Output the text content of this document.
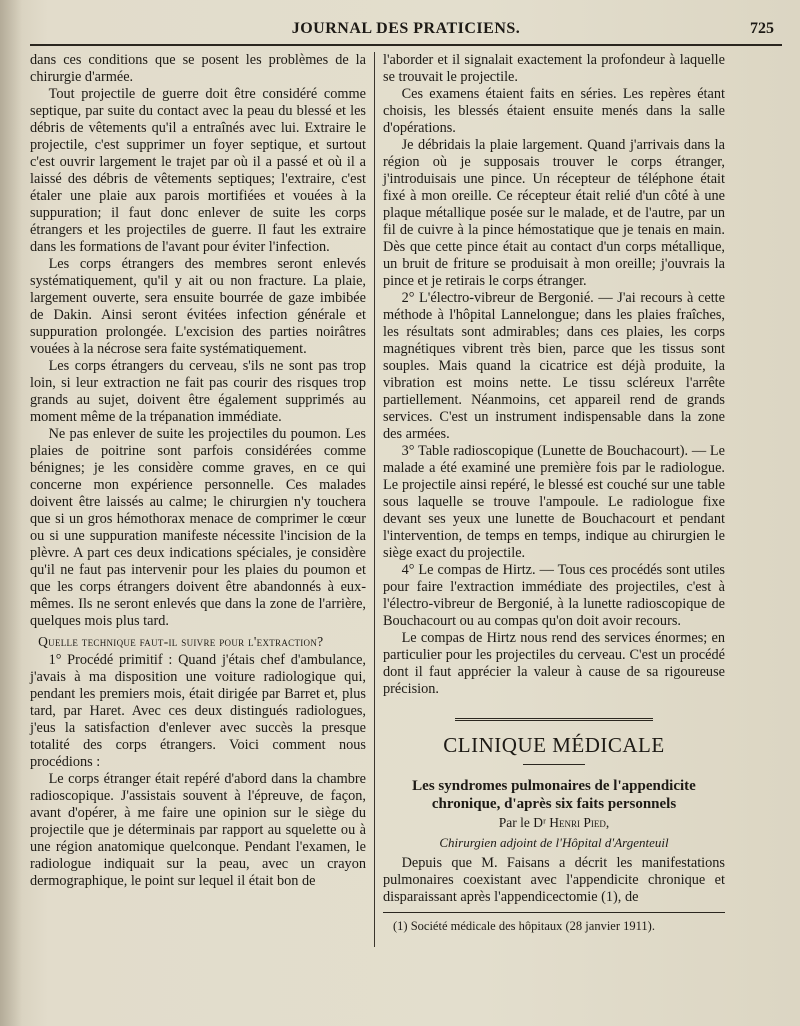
JOURNAL DES PRATICIENS.	725

dans ces conditions que se posent les problèmes de la chirurgie d'armée.

Tout projectile de guerre doit être considéré comme septique, par suite du contact avec la peau du blessé et les débris de vêtements qu'il a entraînés avec lui. Extraire le projectile, c'est supprimer un foyer septique, et surtout c'est ouvrir largement le trajet par où il a passé et où il a laissé des débris de vêtements septiques; l'extraire, c'est étaler une plaie aux parois mortifiées et vouées à la suppuration; il faut donc enlever de suite les corps étrangers et les projectiles de guerre. Il faut les extraire dans les formations de l'avant pour éviter l'infection.

Les corps étrangers des membres seront enlevés systématiquement, qu'il y ait ou non fracture. La plaie, largement ouverte, sera ensuite bourrée de gaze imbibée de Dakin. Ainsi seront évitées infection générale et suppuration prolongée. L'excision des parties noirâtres vouées à la nécrose sera faite systématiquement.

Les corps étrangers du cerveau, s'ils ne sont pas trop loin, si leur extraction ne fait pas courir des risques trop grands au sujet, doivent être également supprimés au moment même de la trépanation immédiate.

Ne pas enlever de suite les projectiles du poumon. Les plaies de poitrine sont parfois considérées comme bénignes; je les considère comme graves, en ce qui concerne mon expérience personnelle. Ces malades doivent être laissés au calme; le chirurgien n'y touchera que si un gros hémothorax menace de comprimer le cœur ou si une suppuration manifeste nécessite l'incision de la plèvre. A part ces deux indications spéciales, je considère qu'il ne faut pas intervenir pour les plaies du poumon et que les corps étrangers doivent être abandonnés à eux-mêmes. Ils ne seront enlevés que dans la zone de l'arrière, quelques mois plus tard.

Quelle technique faut-il suivre pour l'extraction?

1° Procédé primitif : Quand j'étais chef d'ambulance, j'avais à ma disposition une voiture radiologique qui, pendant les premiers mois, était dirigée par Barret et, plus tard, par Haret. Avec ces deux distingués radiologues, j'eus la satisfaction d'enlever avec succès la presque totalité des corps étrangers. Voici comment nous procédions :

Le corps étranger était repéré d'abord dans la chambre radioscopique. J'assistais souvent à l'épreuve, de façon, avant d'opérer, à me faire une opinion sur le siège du projectile que je déterminais par rapport au squelette ou à une région anatomique quelconque. Pendant l'examen, le radiologue indiquait sur la peau, avec un crayon dermographique, le point sur lequel il était bon de

l'aborder et il signalait exactement la profondeur à laquelle se trouvait le projectile.

Ces examens étaient faits en séries. Les repères étant choisis, les blessés étaient ensuite menés dans la salle d'opérations.

Je débridais la plaie largement. Quand j'arrivais dans la région où je supposais trouver le corps étranger, j'introduisais une pince. Un récepteur de téléphone était fixé à mon oreille. Ce récepteur était relié d'un côté à une plaque métallique posée sur le malade, et de l'autre, par un fil de cuivre à la pince hémostatique que je tenais en main. Dès que cette pince était au contact d'un corps métallique, un bruit de friture se produisait à mon oreille; j'ouvrais la pince et je retirais le corps étranger.

2° L'électro-vibreur de Bergonié. — J'ai recours à cette méthode à l'hôpital Lannelongue; dans les plaies fraîches, les résultats sont admirables; dans ces plaies, les corps magnétiques vibrent très bien, parce que les tissus sont souples. Mais quand la cicatrice est déjà produite, la vibration est moins nette. Le tissu scléreux l'arrête partiellement. Néanmoins, cet appareil rend de grands services. C'est un instrument indispensable dans la zone des armées.

3° Table radioscopique (Lunette de Bouchacourt). — Le malade a été examiné une première fois par le radiologue. Le projectile ainsi repéré, le blessé est couché sur une table sous laquelle se trouve l'ampoule. Le radiologue fixe devant ses yeux une lunette de Bouchacourt et pendant l'intervention, de temps en temps, indique au chirurgien le siège exact du projectile.

4° Le compas de Hirtz. — Tous ces procédés sont utiles pour faire l'extraction immédiate des projectiles, c'est à l'électro-vibreur de Bergonié, à la lunette radioscopique de Bouchacourt ou au compas qu'on doit avoir recours.

Le compas de Hirtz nous rend des services énormes; en particulier pour les projectiles du cerveau. C'est un procédé dont il faut apprécier la valeur à cause de sa rigoureuse précision.

CLINIQUE MÉDICALE

Les syndromes pulmonaires de l'appendicite chronique, d'après six faits personnels

Par le Dʳ Henri Pied,

Chirurgien adjoint de l'Hôpital d'Argenteuil

Depuis que M. Faisans a décrit les manifestations pulmonaires coexistant avec l'appendicite chronique et disparaissant après l'appendicectomie (1), de

(1) Société médicale des hôpitaux (28 janvier 1911).
